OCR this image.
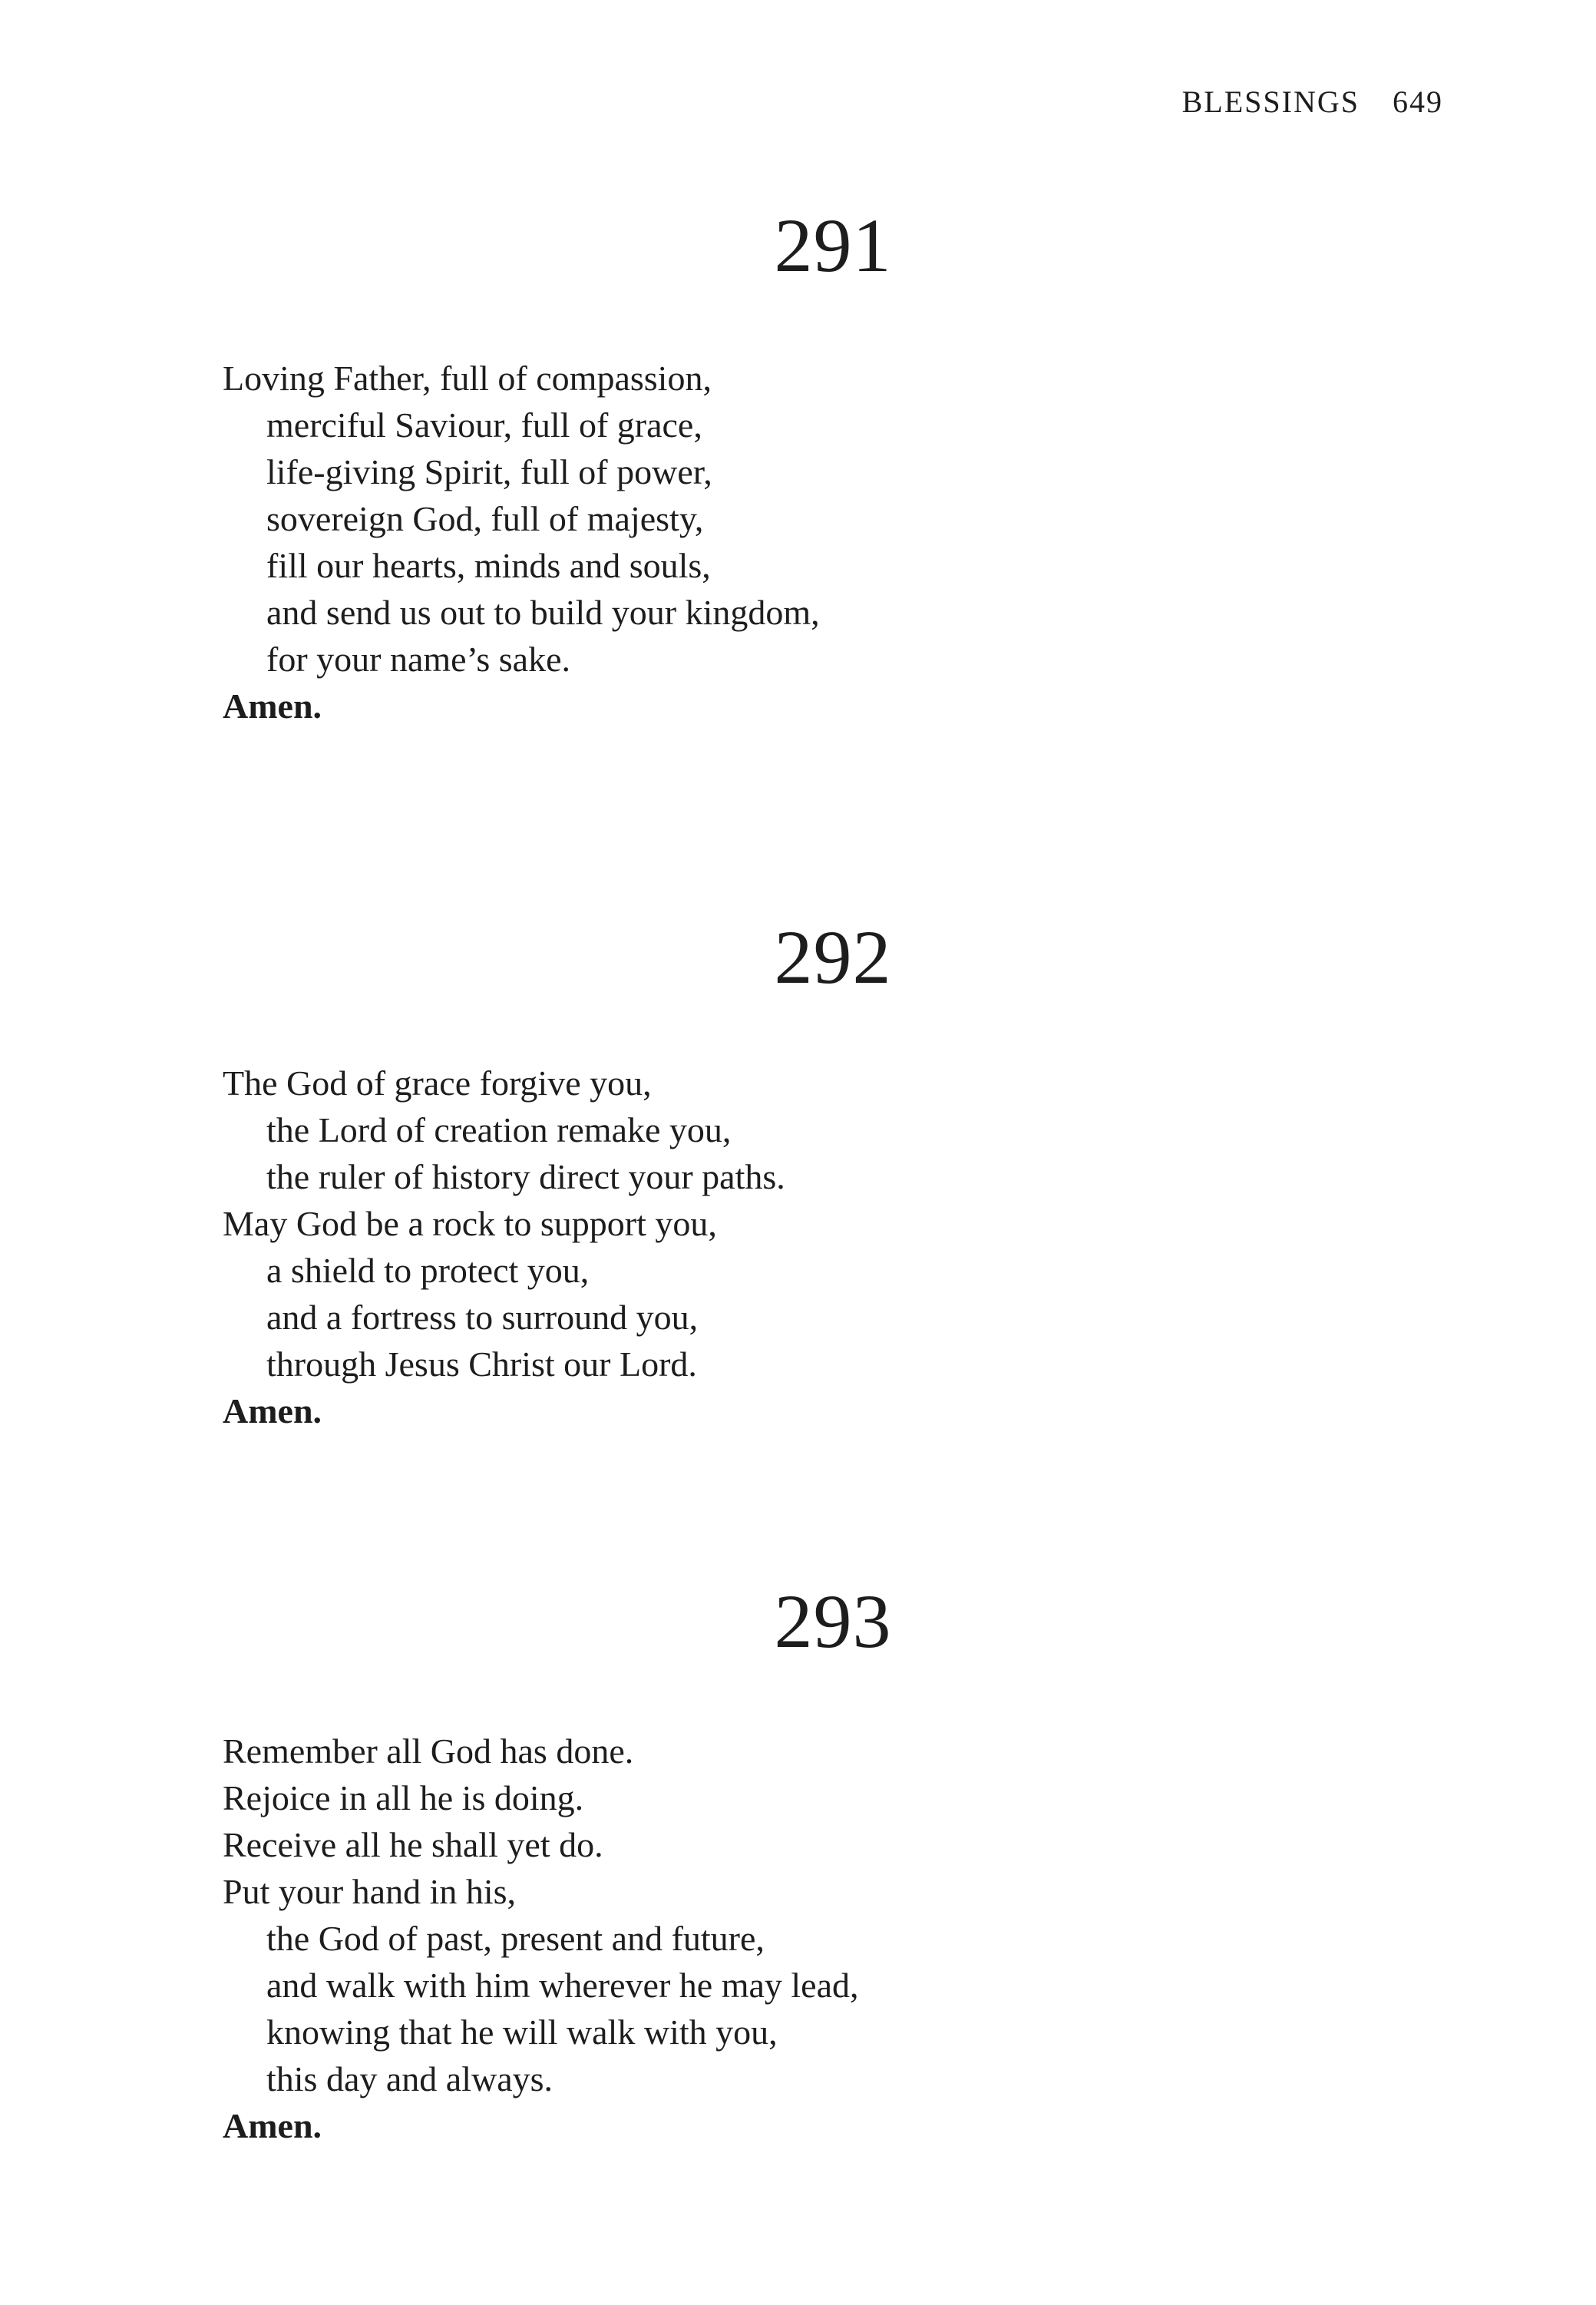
BLESSINGS 649
291

Loving Father, full of compassion,

merciful Saviour, full of grace,

life-giving Spirit, full of power,

sovereign God, full of majesty,

fill our hearts, minds and souls,

and send us out to build your kingdom,

for your name’s sake.

Amen.

292

The God of grace forgive you,

the Lord of creation remake you,

the ruler of history direct your paths.

May God be a rock to support you,

a shield to protect you,

and a fortress to surround you,

through Jesus Christ our Lord.

Amen.

293

Remember all God has done.

Rejoice in all he is doing.

Receive all he shall yet do.

Put your hand in his,

the God of past, present and future,

and walk with him wherever he may lead,

knowing that he will walk with you,

this day and always.

Amen.
